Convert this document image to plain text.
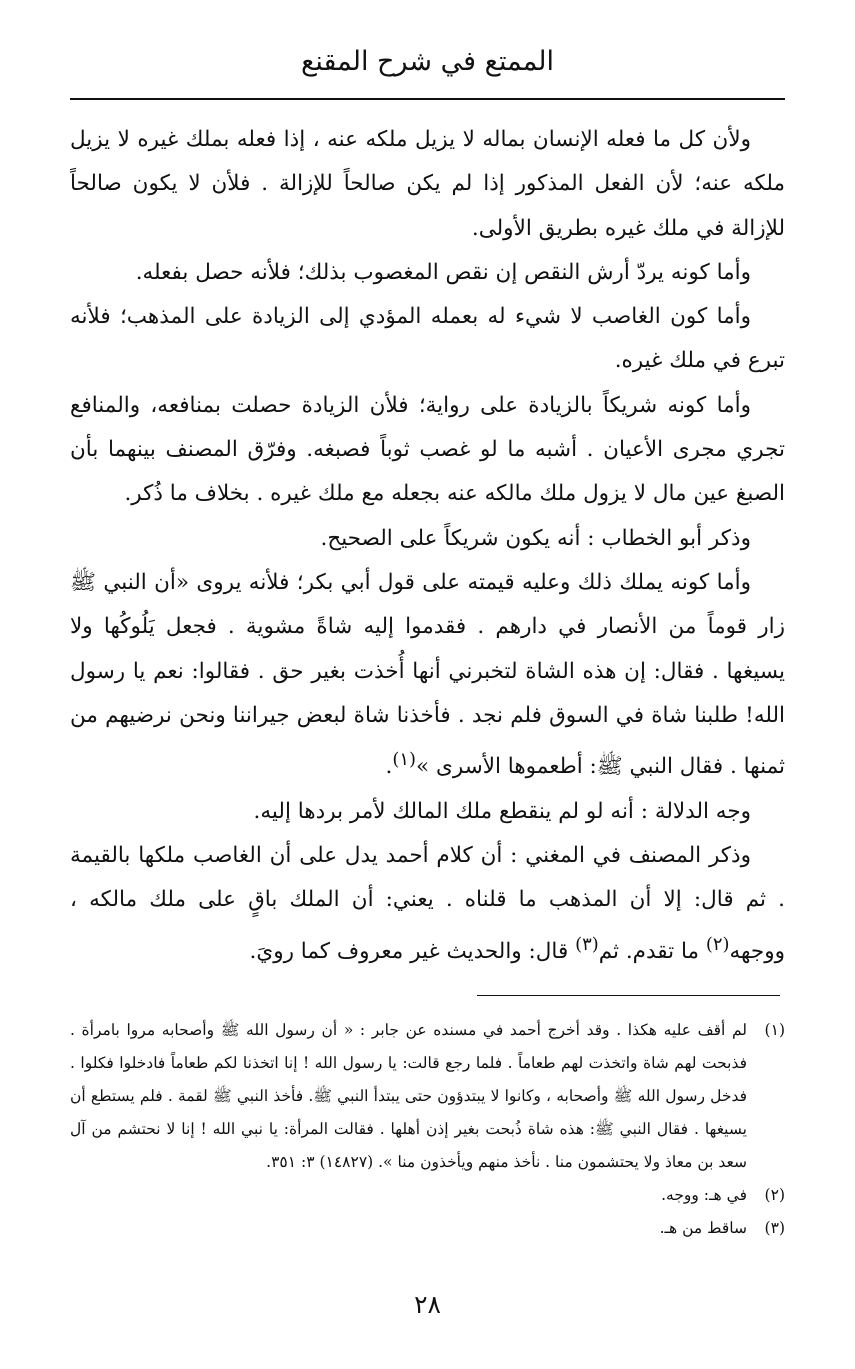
الممتع في شرح المقنع

ولأن كل ما فعله الإنسان بماله لا يزيل ملكه عنه ، إذا فعله بملك غيره لا يزيل ملكه عنه؛ لأن الفعل المذكور إذا لم يكن صالحاً للإزالة . فلأن لا يكون صالحاً للإزالة في ملك غيره بطريق الأولى.

وأما كونه يردّ أرش النقص إن نقص المغصوب بذلك؛ فلأنه حصل بفعله.

وأما كون الغاصب لا شيء له بعمله المؤدي إلى الزيادة على المذهب؛ فلأنه تبرع في ملك غيره.

وأما كونه شريكاً بالزيادة على رواية؛ فلأن الزيادة حصلت بمنافعه، والمنافع تجري مجرى الأعيان . أشبه ما لو غصب ثوباً فصبغه. وفرّق المصنف بينهما بأن الصبغ عين مال لا يزول ملك مالكه عنه بجعله مع ملك غيره . بخلاف ما ذُكر.

وذكر أبو الخطاب : أنه يكون شريكاً على الصحيح.

وأما كونه يملك ذلك وعليه قيمته على قول أبي بكر؛ فلأنه يروى «أن النبي ﷺ زار قوماً من الأنصار في دارهم . فقدموا إليه شاةً مشوية . فجعل يَلُوكُها ولا يسيغها . فقال: إن هذه الشاة لتخبرني أنها أُخذت بغير حق . فقالوا: نعم يا رسول الله! طلبنا شاة في السوق فلم نجد . فأخذنا شاة لبعض جيراننا ونحن نرضيهم من ثمنها . فقال النبي ﷺ: أطعموها الأسرى »$^{(١)}$.

وجه الدلالة : أنه لو لم ينقطع ملك المالك لأمر بردها إليه.

وذكر المصنف في المغني : أن كلام أحمد يدل على أن الغاصب ملكها بالقيمة . ثم قال: إلا أن المذهب ما قلناه . يعني: أن الملك باقٍ على ملك مالكه ، ووجهه$^{(٢)}$ ما تقدم. ثم$^{(٣)}$ قال: والحديث غير معروف كما رويَ.

(١)
لم أقف عليه هكذا . وقد أخرج أحمد في مسنده عن جابر : « أن رسول الله ﷺ وأصحابه مروا بامرأة . فذبحت لهم شاة واتخذت لهم طعاماً . فلما رجع قالت: يا رسول الله ! إنا اتخذنا لكم طعاماً فادخلوا فكلوا . فدخل رسول الله ﷺ وأصحابه ، وكانوا لا يبتدؤون حتى يبتدأ النبي ﷺ. فأخذ النبي ﷺ لقمة . فلم يستطع أن يسيغها . فقال النبي ﷺ: هذه شاة ذُبحت بغير إذن أهلها . فقالت المرأة: يا نبي الله ! إنا لا نحتشم من آل سعد بن معاذ ولا يحتشمون منا . نأخذ منهم ويأخذون منا ». (١٤٨٢٧) ٣: ٣٥١.
(٢)
في هـ: ووجه.
(٣)
ساقط من هـ.
٢٨
